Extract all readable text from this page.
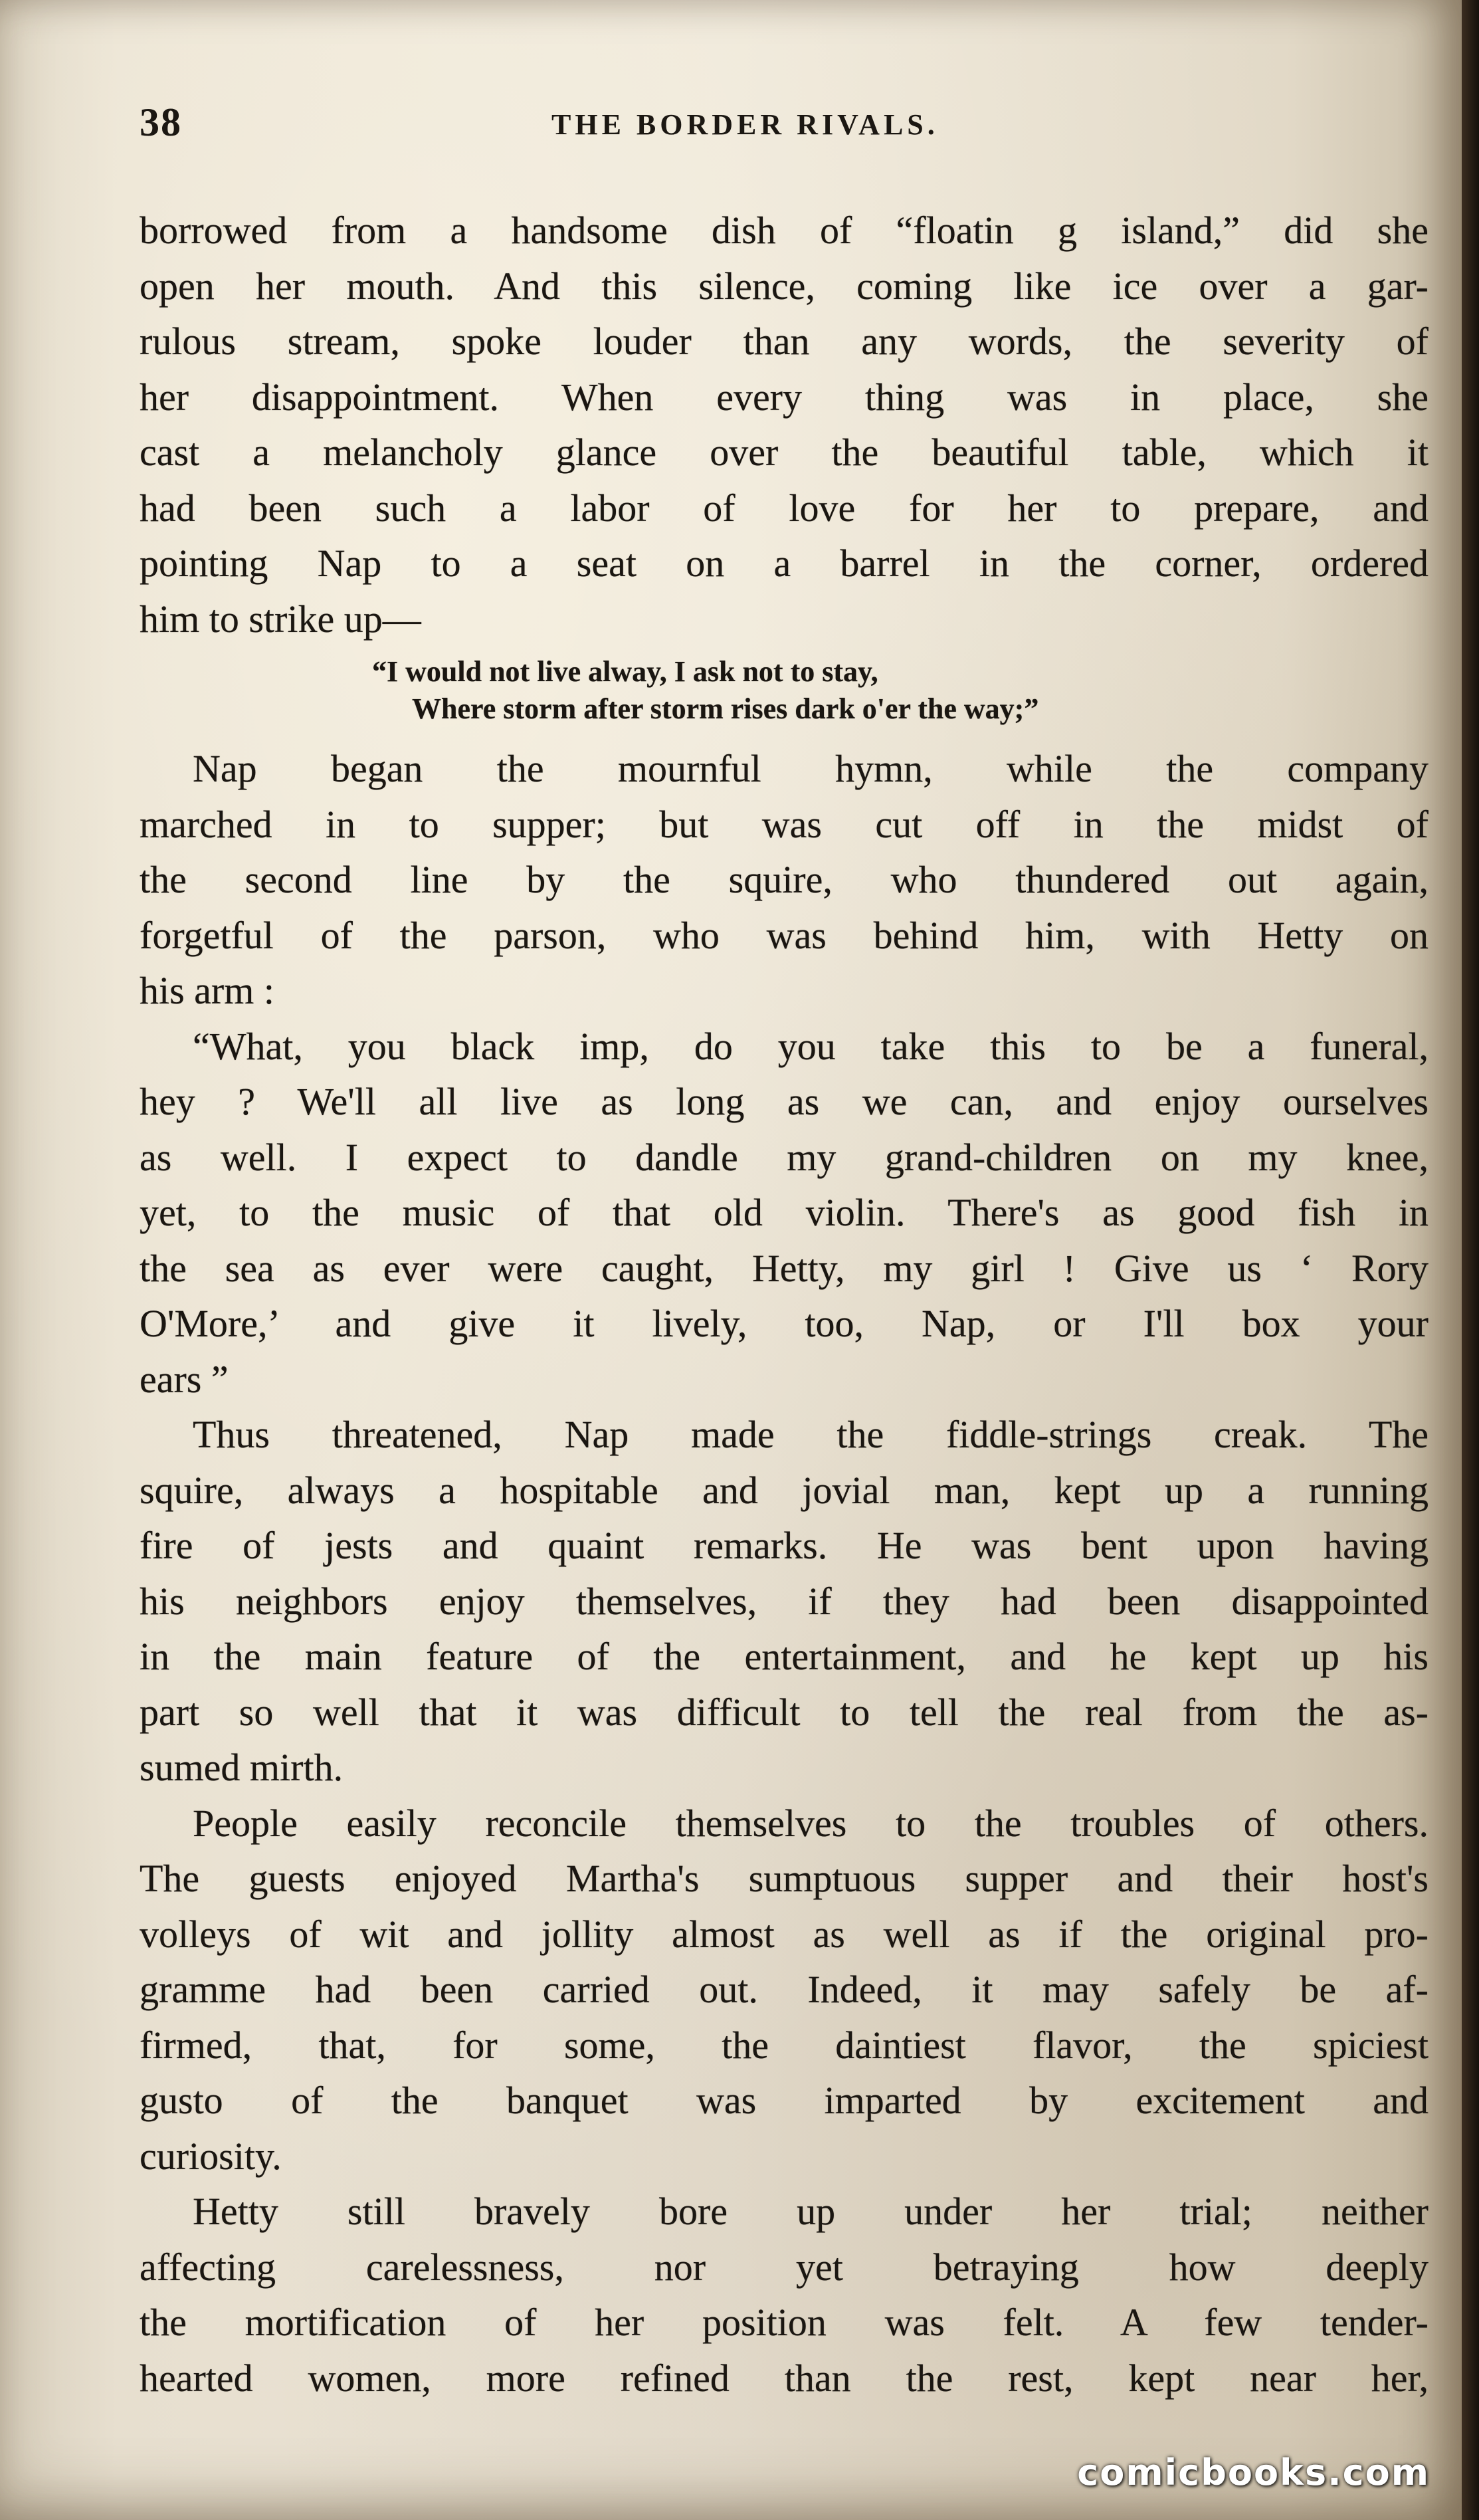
38	THE BORDER RIVALS.
borrowed from a handsome dish of “floatin g island,” did she
open her mouth. And this silence, coming like ice over a gar-
rulous stream, spoke louder than any words, the severity of
her disappointment. When every thing was in place, she
cast a melancholy glance over the beautiful table, which it
had been such a labor of love for her to prepare, and
pointing Nap to a seat on a barrel in the corner, ordered
him to strike up—
“I would not live alway, I ask not to stay,
Where storm after storm rises dark o'er the way;”
Nap began the mournful hymn, while the company
marched in to supper; but was cut off in the midst of
the second line by the squire, who thundered out again,
forgetful of the parson, who was behind him, with Hetty on
his arm :
“What, you black imp, do you take this to be a funeral,
hey ? We'll all live as long as we can, and enjoy ourselves
as well. I expect to dandle my grand-children on my knee,
yet, to the music of that old violin. There's as good fish in
the sea as ever were caught, Hetty, my girl ! Give us ‘ Rory
O'More,’ and give it lively, too, Nap, or I'll box your
ears ”
Thus threatened, Nap made the fiddle-strings creak. The
squire, always a hospitable and jovial man, kept up a running
fire of jests and quaint remarks. He was bent upon having
his neighbors enjoy themselves, if they had been disappointed
in the main feature of the entertainment, and he kept up his
part so well that it was difficult to tell the real from the as-
sumed mirth.
People easily reconcile themselves to the troubles of others.
The guests enjoyed Martha's sumptuous supper and their host's
volleys of wit and jollity almost as well as if the original pro-
gramme had been carried out. Indeed, it may safely be af-
firmed, that, for some, the daintiest flavor, the spiciest
gusto of the banquet was imparted by excitement and
curiosity.
Hetty still bravely bore up under her trial; neither
affecting carelessness, nor yet betraying how deeply
the mortification of her position was felt. A few tender-
hearted women, more refined than the rest, kept near her,
comicbooks.com
